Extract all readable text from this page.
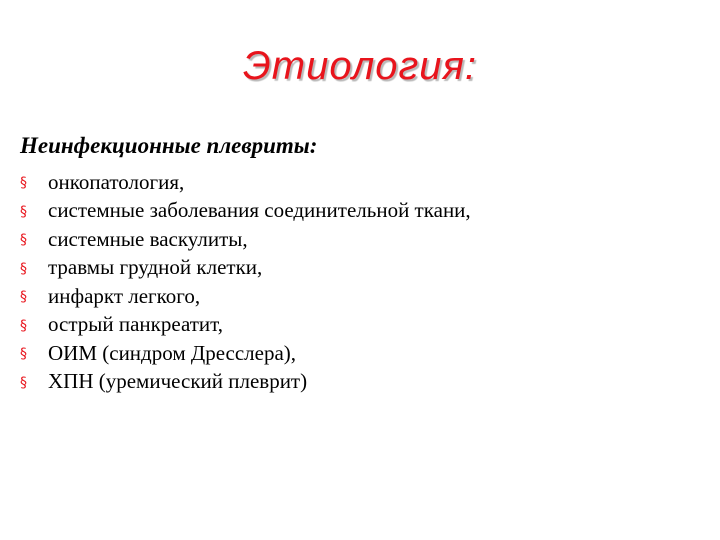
Этиология:
Неинфекционные плевриты:
§	онкопатология,
§	системные заболевания соединительной ткани,
§	системные васкулиты,
§	травмы грудной клетки,
§	инфаркт легкого,
§	острый панкреатит,
§	ОИМ (синдром Дресслера),
§	ХПН (уремический плеврит)
